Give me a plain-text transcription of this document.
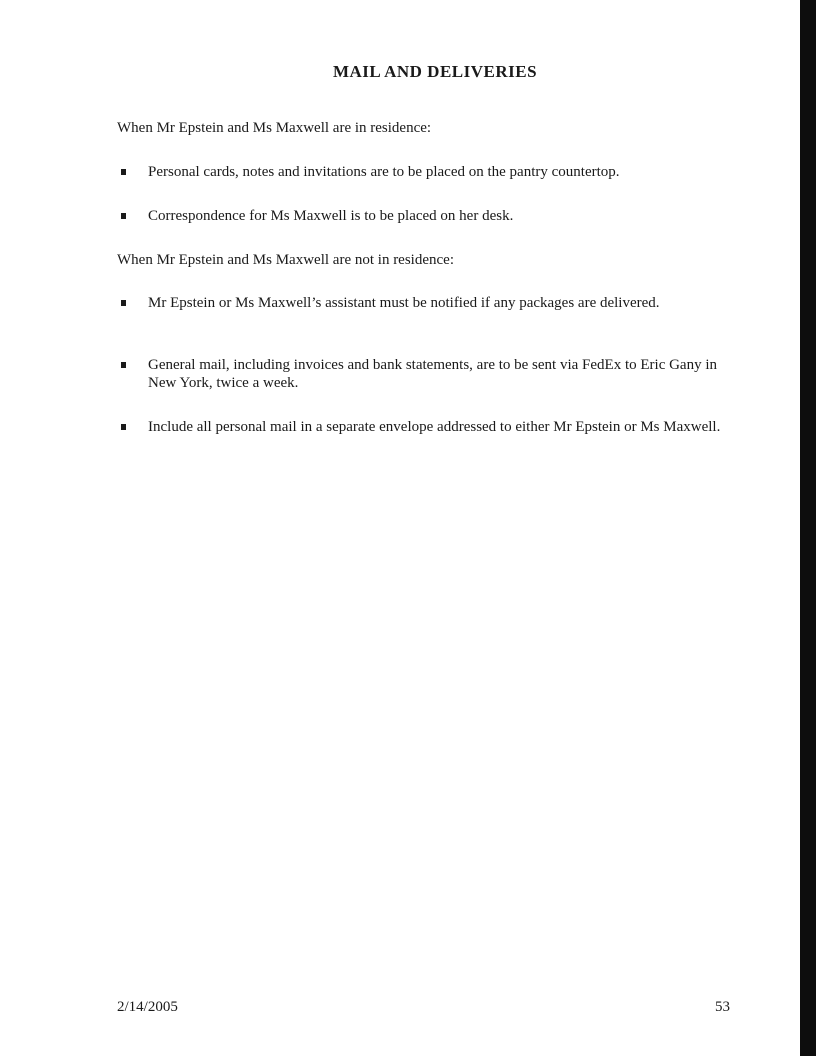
MAIL AND DELIVERIES
When Mr Epstein and Ms Maxwell are in residence:
Personal cards, notes and invitations are to be placed on the pantry countertop.
Correspondence for Ms Maxwell is to be placed on her desk.
When Mr Epstein and Ms Maxwell are not in residence:
Mr Epstein or Ms Maxwell’s assistant must be notified if any packages are delivered.
General mail, including invoices and bank statements, are to be sent via FedEx to Eric Gany in New York, twice a week.
Include all personal mail in a separate envelope addressed to either Mr Epstein or Ms Maxwell.
2/14/2005	53
